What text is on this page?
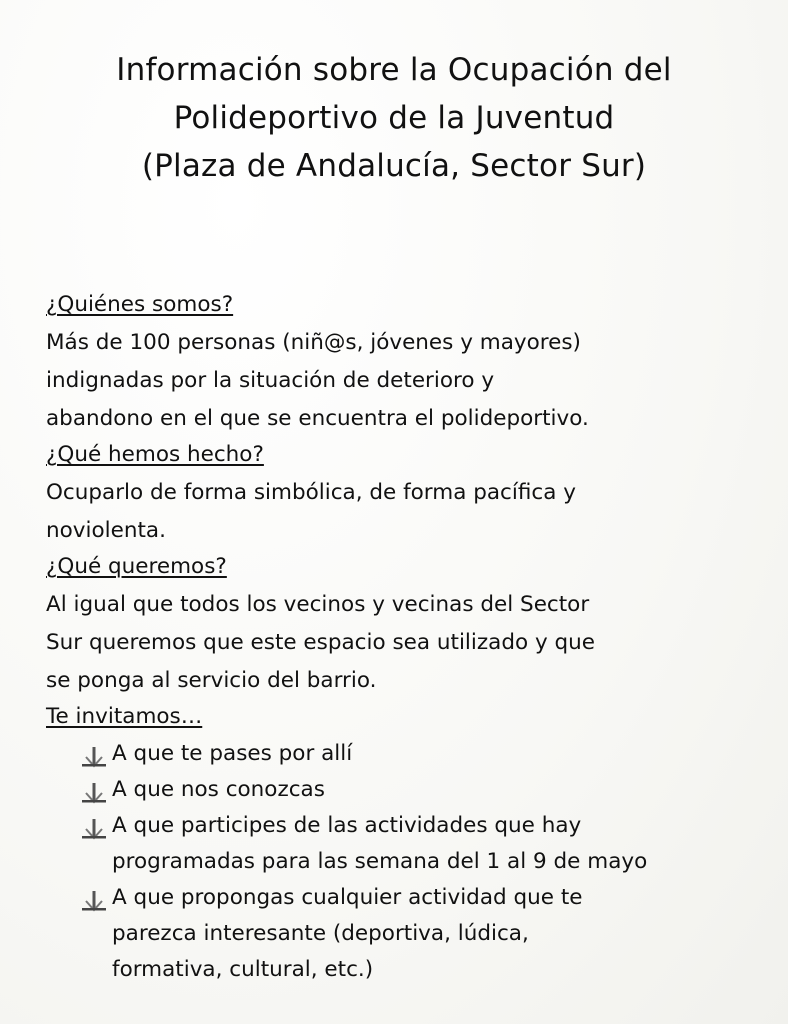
Información sobre la Ocupación del
Polideportivo de la Juventud
(Plaza de Andalucía, Sector Sur)
¿Quiénes somos?
Más de 100 personas (niñ@s, jóvenes y mayores)
indignadas por la situación de deterioro y
abandono en el que se encuentra el polideportivo.
¿Qué hemos hecho?
Ocuparlo de forma simbólica, de forma pacífica y
noviolenta.
¿Qué queremos?
Al igual que todos los vecinos y vecinas del Sector
Sur queremos que este espacio sea utilizado y que
se ponga al servicio del barrio.
Te invitamos…
A que te pases por allí
A que nos conozcas
A que participes de las actividades que hay
programadas para las semana del 1 al 9 de mayo
A que propongas cualquier actividad que te
parezca interesante (deportiva, lúdica,
formativa, cultural, etc.)
